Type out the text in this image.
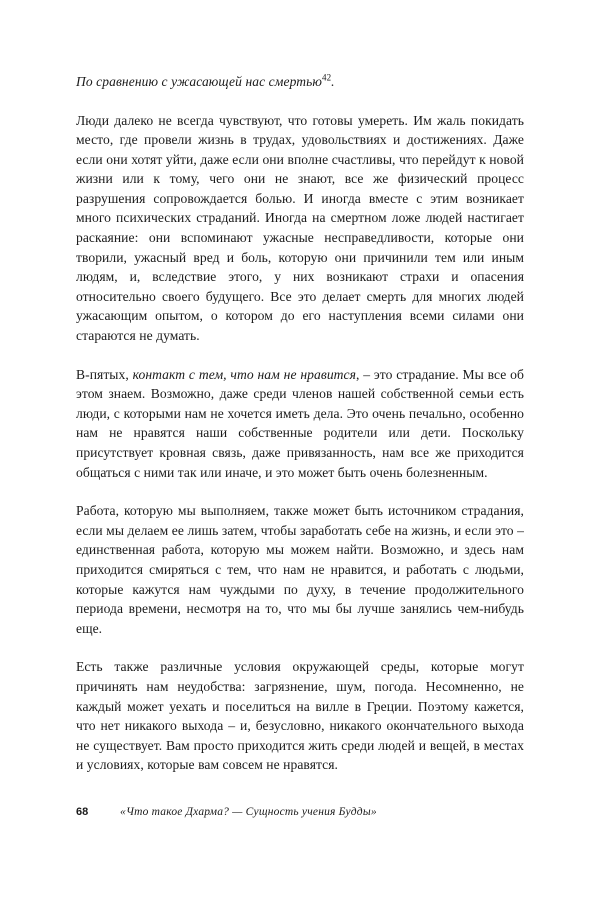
По сравнению с ужасающей нас смертью$^{42}$.

Люди далеко не всегда чувствуют, что готовы умереть. Им жаль покидать место, где провели жизнь в трудах, удовольствиях и достижениях. Даже если они хотят уйти, даже если они вполне счастливы, что перейдут к новой жизни или к тому, чего они не знают, все же физический процесс разрушения сопровождается болью. И иногда вместе с этим возникает много психических страданий. Иногда на смертном ложе людей настигает раскаяние: они вспоминают ужасные несправедливости, которые они творили, ужасный вред и боль, которую они причинили тем или иным людям, и, вследствие этого, у них возникают страхи и опасения относительно своего будущего. Все это делает смерть для многих людей ужасающим опытом, о котором до его наступления всеми силами они стараются не думать.

В-пятых, контакт с тем, что нам не нравится, – это страдание. Мы все об этом знаем. Возможно, даже среди членов нашей собственной семьи есть люди, с которыми нам не хочется иметь дела. Это очень печально, особенно нам не нравятся наши собственные родители или дети. Поскольку присутствует кровная связь, даже привязанность, нам все же приходится общаться с ними так или иначе, и это может быть очень болезненным.

Работа, которую мы выполняем, также может быть источником страдания, если мы делаем ее лишь затем, чтобы заработать себе на жизнь, и если это – единственная работа, которую мы можем найти. Возможно, и здесь нам приходится смиряться с тем, что нам не нравится, и работать с людьми, которые кажутся нам чуждыми по духу, в течение продолжительного периода времени, несмотря на то, что мы бы лучше занялись чем-нибудь еще.

Есть также различные условия окружающей среды, которые могут причинять нам неудобства: загрязнение, шум, погода. Несомненно, не каждый может уехать и поселиться на вилле в Греции. Поэтому кажется, что нет никакого выхода – и, безусловно, никакого окончательного выхода не существует. Вам просто приходится жить среди людей и вещей, в местах и условиях, которые вам совсем не нравятся.

68	«Что такое Дхарма? — Сущность учения Будды»
